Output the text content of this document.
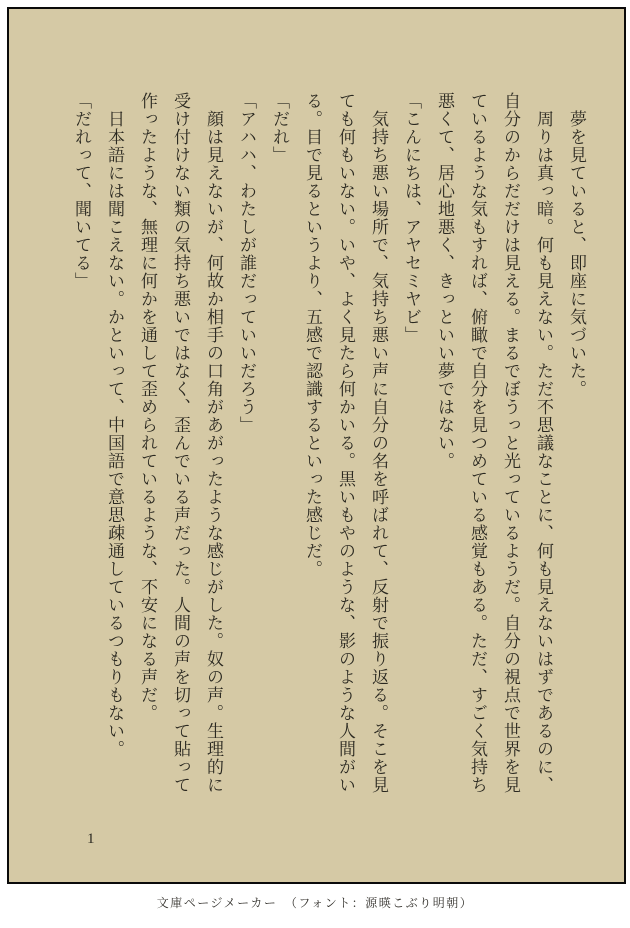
夢を見ていると、即座に気づいた。

周りは真っ暗。何も見えない。ただ不思議なことに、何も見えないはずであるのに、自分のからだだけは見える。まるでぼうっと光っているようだ。自分の視点で世界を見ているような気もすれば、俯瞰で自分を見つめている感覚もある。ただ、すごく気持ち悪くて、居心地悪く、きっといい夢ではない。

「こんにちは、アヤセミヤビ」

気持ち悪い場所で、気持ち悪い声に自分の名を呼ばれて、反射で振り返る。そこを見ても何もいない。いや、よく見たら何かいる。黒いもやのような、影のような人間がいる。目で見るというより、五感で認識するといった感じだ。

「だれ」

「アハハ、わたしが誰だっていいだろう」

顔は見えないが、何故か相手の口角があがったような感じがした。奴の声。生理的に受け付けない類の気持ち悪いではなく、歪んでいる声だった。人間の声を切って貼って作ったような、無理に何かを通して歪められているような、不安になる声だ。

日本語には聞こえない。かといって、中国語で意思疎通しているつもりもない。

「だれって、聞いてる」

1
文庫ページメーカー　（フォント：源暎こぶり明朝）
